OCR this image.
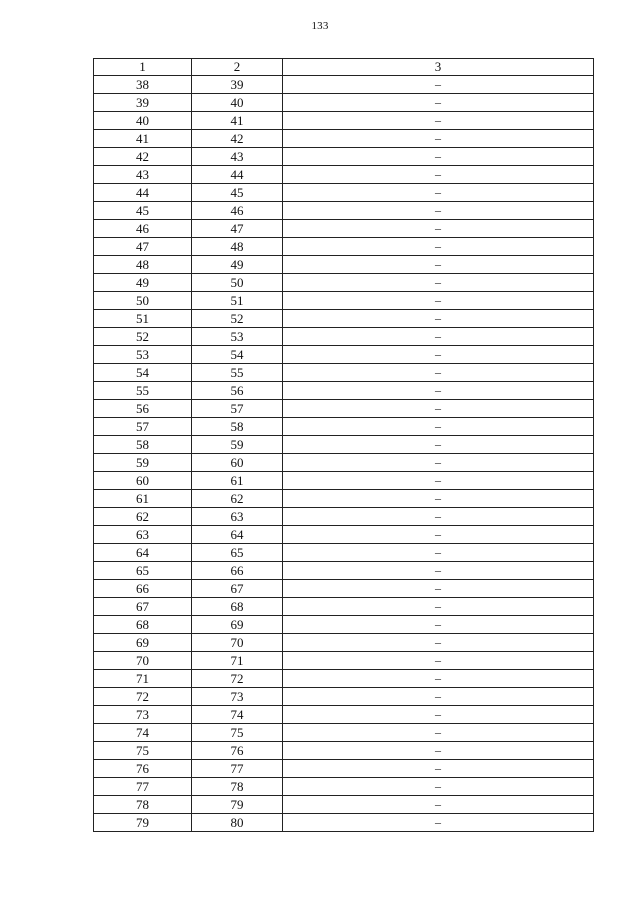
133
1	2	3
38	39	–
39	40	–
40	41	–
41	42	–
42	43	–
43	44	–
44	45	–
45	46	–
46	47	–
47	48	–
48	49	–
49	50	–
50	51	–
51	52	–
52	53	–
53	54	–
54	55	–
55	56	–
56	57	–
57	58	–
58	59	–
59	60	–
60	61	–
61	62	–
62	63	–
63	64	–
64	65	–
65	66	–
66	67	–
67	68	–
68	69	–
69	70	–
70	71	–
71	72	–
72	73	–
73	74	–
74	75	–
75	76	–
76	77	–
77	78	–
78	79	–
79	80	–
